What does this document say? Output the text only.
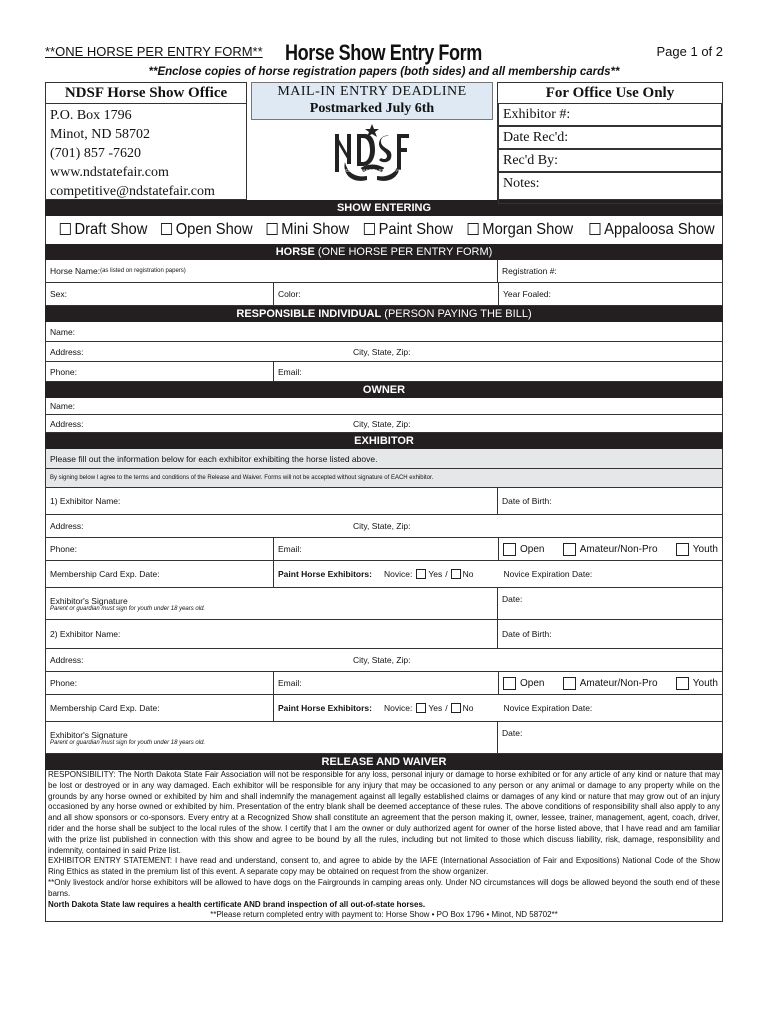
**ONE HORSE PER ENTRY FORM** Horse Show Entry Form	Page 1 of 2
**Enclose copies of horse registration papers (both sides) and all membership cards**
NDSF Horse Show Office
P.O. Box 1796
Minot, ND 58702
(701) 857 -7620
www.ndstatefair.com
competitive@ndstatefair.com
MAIL-IN ENTRY DEADLINE
Postmarked July 6th
NORTH DAKOTA STATE FAIR
For Office Use Only
Exhibitor #:
Date Rec'd:
Rec'd By:
Notes:
SHOW ENTERING
Draft Show	Open Show	Mini Show	Paint Show	Morgan Show	Appaloosa Show
HORSE (ONE HORSE PER ENTRY FORM)
Horse Name: (as listed on registration papers)	Registration #:
Sex:	Color:	Year Foaled:
RESPONSIBLE INDIVIDUAL (PERSON PAYING THE BILL)
Name:
Address:	City, State, Zip:
Phone:	Email:
OWNER
Name:
Address:	City, State, Zip:
EXHIBITOR
Please fill out the information below for each exhibitor exhibiting the horse listed above.
By signing below I agree to the terms and conditions of the Release and Waiver. Forms will not be accepted without signature of EACH exhibitor.
1) Exhibitor Name:	Date of Birth:
Address:	City, State, Zip:
Phone:	Email:	Open	Amateur/Non-Pro	Youth
Membership Card Exp. Date:	Paint Horse Exhibitors: Novice:	Yes /	No	Novice Expiration Date:
Exhibitor's Signature
Parent or guardian must sign for youth under 18 years old.
Date:
2) Exhibitor Name:	Date of Birth:
Address:	City, State, Zip:
Phone:	Email:	Open	Amateur/Non-Pro	Youth
Membership Card Exp. Date:	Paint Horse Exhibitors: Novice:	Yes /	No	Novice Expiration Date:
Exhibitor's Signature
Parent or guardian must sign for youth under 18 years old.
Date:
RELEASE AND WAIVER
RESPONSIBILITY: The North Dakota State Fair Association will not be responsible for any loss, personal injury or damage to horse exhibited or for any article of any kind or nature that may be lost or destroyed or in any way damaged. Each exhibitor will be responsible for any injury that may be occasioned to any person or any animal or damage to any property while on the grounds by any horse owned or exhibited by him and shall indemnify the management against all legally established claims or damages of any kind or nature that may grow out of an injury occasioned by any horse owned or exhibited by him. Presentation of the entry blank shall be deemed acceptance of these rules. The above conditions of responsibility shall also apply to any and all show sponsors or co-sponsors. Every entry at a Recognized Show shall constitute an agreement that the person making it, owner, lessee, trainer, management, agent, coach, driver, rider and the horse shall be subject to the local rules of the show. I certify that I am the owner or duly authorized agent for owner of the horse listed above, that I have read and am familiar with the prize list published in connection with this show and agree to be bound by all the rules, including but not limited to those which discuss liability, risk, damage, responsibility and indemnity, contained in said Prize list.
EXHIBITOR ENTRY STATEMENT: I have read and understand, consent to, and agree to abide by the IAFE (International Association of Fair and Expositions) National Code of the Show Ring Ethics as stated in the premium list of this event. A separate copy may be obtained on request from the show organizer.
**Only livestock and/or horse exhibitors will be allowed to have dogs on the Fairgrounds in camping areas only. Under NO circumstances will dogs be allowed beyond the south end of these barns.
North Dakota State law requires a health certificate AND brand inspection of all out-of-state horses.
**Please return completed entry with payment to: Horse Show • PO Box 1796 • Minot, ND 58702**
